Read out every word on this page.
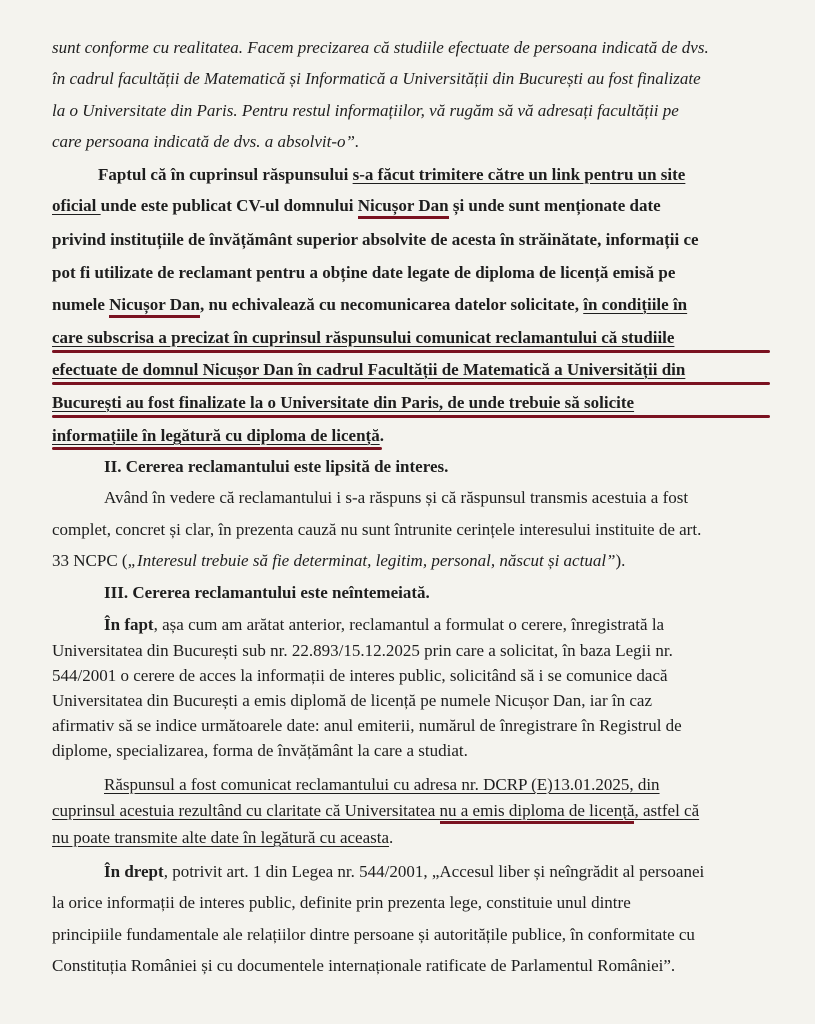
sunt conforme cu realitatea. Facem precizarea că studiile efectuate de persoana indicată de dvs.
în cadrul facultății de Matematică și Informatică a Universității din București au fost finalizate
la o Universitate din Paris. Pentru restul informațiilor, vă rugăm să vă adresați facultății pe
care persoana indicată de dvs. a absolvit-o”.
Faptul că în cuprinsul răspunsului s-a făcut trimitere către un link pentru un site
oficial unde este publicat CV-ul domnului Nicușor Dan și unde sunt menționate date
privind instituțiile de învățământ superior absolvite de acesta în străinătate, informații ce
pot fi utilizate de reclamant pentru a obține date legate de diploma de licență emisă pe
numele Nicușor Dan, nu echivalează cu necomunicarea datelor solicitate, în condițiile în
care subscrisa a precizat în cuprinsul răspunsului comunicat reclamantului că studiile
efectuate de domnul Nicușor Dan în cadrul Facultății de Matematică a Universității din
București au fost finalizate la o Universitate din Paris, de unde trebuie să solicite
informațiile în legătură cu diploma de licență.
II. Cererea reclamantului este lipsită de interes.
Având în vedere că reclamantului i s-a răspuns și că răspunsul transmis acestuia a fost
complet, concret și clar, în prezenta cauză nu sunt întrunite cerințele interesului instituite de art.
33 NCPC („Interesul trebuie să fie determinat, legitim, personal, născut și actual”).
III. Cererea reclamantului este neîntemeiată.
În fapt, așa cum am arătat anterior, reclamantul a formulat o cerere, înregistrată la
Universitatea din București sub nr. 22.893/15.12.2025 prin care a solicitat, în baza Legii nr.
544/2001 o cerere de acces la informații de interes public, solicitând să i se comunice dacă
Universitatea din București a emis diplomă de licență pe numele Nicușor Dan, iar în caz
afirmativ să se indice următoarele date: anul emiterii, numărul de înregistrare în Registrul de
diplome, specializarea, forma de învățământ la care a studiat.
Răspunsul a fost comunicat reclamantului cu adresa nr. DCRP (E)13.01.2025, din
cuprinsul acestuia rezultând cu claritate că Universitatea nu a emis diploma de licență, astfel că
nu poate transmite alte date în legătură cu aceasta.
În drept, potrivit art. 1 din Legea nr. 544/2001, „Accesul liber și neîngrădit al persoanei
la orice informații de interes public, definite prin prezenta lege, constituie unul dintre
principiile fundamentale ale relațiilor dintre persoane și autoritățile publice, în conformitate cu
Constituția României și cu documentele internaționale ratificate de Parlamentul României”.
